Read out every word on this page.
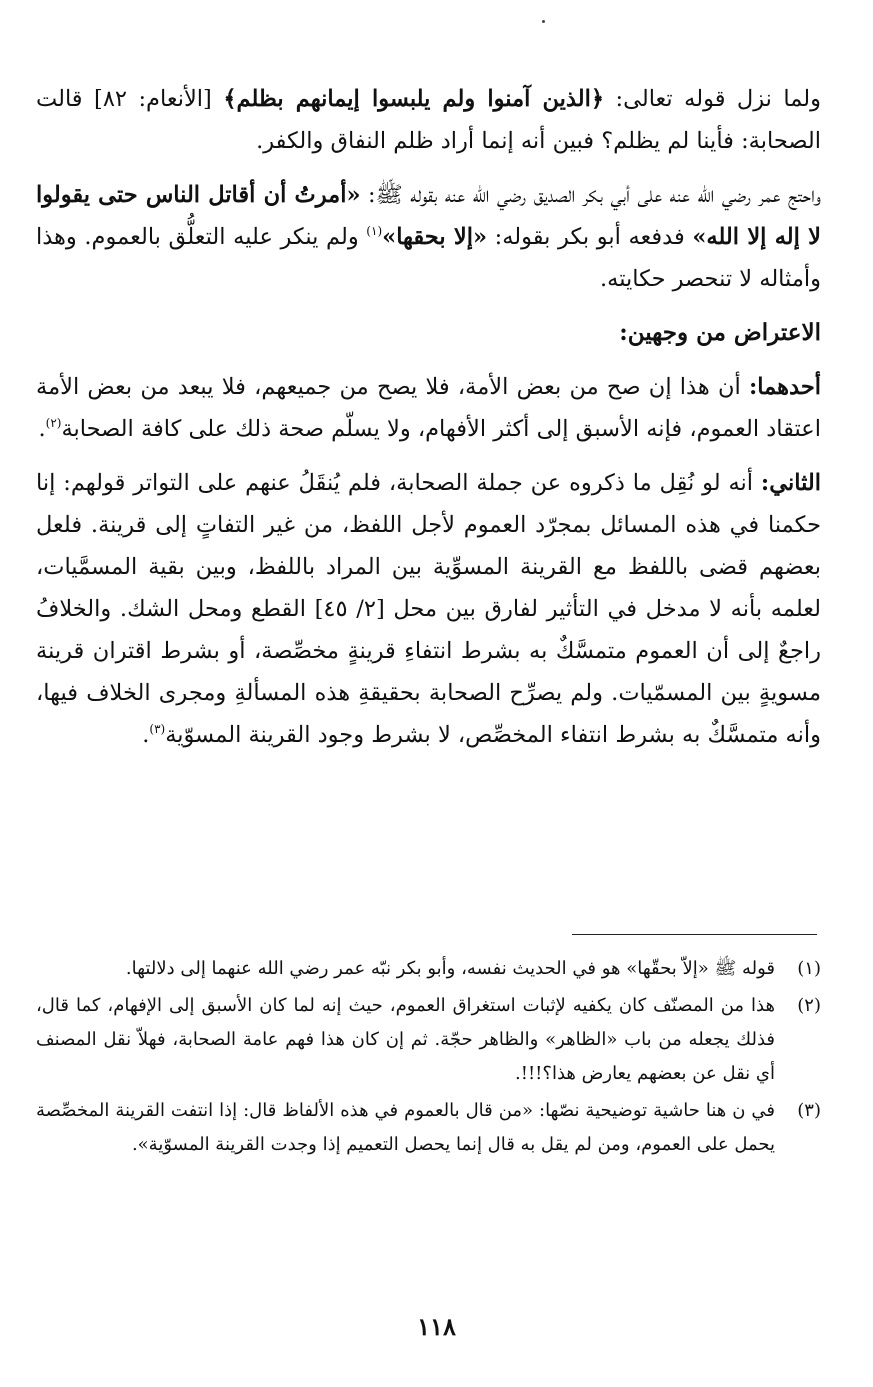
ولما نزل قوله تعالى: ﴿الذين آمنوا ولم يلبسوا إيمانهم بظلم﴾ [الأنعام: ٨٢] قالت الصحابة: فأينا لم يظلم؟ فبين أنه إنما أراد ظلم النفاق والكفر.

واحتج عمر رضي الله عنه على أبي بكر الصديق رضي الله عنه بقوله ﷺ: «أمرتُ أن أقاتل الناس حتى يقولوا لا إله إلا الله» فدفعه أبو بكر بقوله: «إلا بحقها»$^{(١)}$ ولم ينكر عليه التعلُّق بالعموم. وهذا وأمثاله لا تنحصر حكايته.

الاعتراض من وجهين:

أحدهما: أن هذا إن صح من بعض الأمة، فلا يصح من جميعهم، فلا يبعد من بعض الأمة اعتقاد العموم، فإنه الأسبق إلى أكثر الأفهام، ولا يسلّم صحة ذلك على كافة الصحابة$^{(٢)}$.

الثاني: أنه لو نُقِل ما ذكروه عن جملة الصحابة، فلم يُنقَلُ عنهم على التواتر قولهم: إنا حكمنا في هذه المسائل بمجرّد العموم لأجل اللفظ، من غير التفاتٍ إلى قرينة. فلعل بعضهم قضى باللفظ مع القرينة المسوِّية بين المراد باللفظ، وبين بقية المسمَّيات، لعلمه بأنه لا مدخل في التأثير لفارق بين محل [٢/ ٤٥] القطع ومحل الشك. والخلافُ راجعٌ إلى أن العموم متمسَّكٌ به بشرط انتفاءِ قرينةٍ مخصِّصة، أو بشرط اقتران قرينة مسويةٍ بين المسمّيات. ولم يصرِّح الصحابة بحقيقةِ هذه المسألةِ ومجرى الخلاف فيها، وأنه متمسَّكٌ به بشرط انتفاء المخصِّص، لا بشرط وجود القرينة المسوّية$^{(٣)}$.

(١)
قوله ﷺ «إلاّ بحقّها» هو في الحديث نفسه، وأبو بكر نبّه عمر رضي الله عنهما إلى دلالتها.
(٢)
هذا من المصنّف كان يكفيه لإثبات استغراق العموم، حيث إنه لما كان الأسبق إلى الإفهام، كما قال، فذلك يجعله من باب «الظاهر» والظاهر حجّة. ثم إن كان هذا فهم عامة الصحابة، فهلاّ نقل المصنف أي نقل عن بعضهم يعارض هذا؟!!!.
(٣)
في ن هنا حاشية توضيحية نصّها: «من قال بالعموم في هذه الألفاظ قال: إذا انتفت القرينة المخصِّصة يحمل على العموم، ومن لم يقل به قال إنما يحصل التعميم إذا وجدت القرينة المسوّية».
١١٨
